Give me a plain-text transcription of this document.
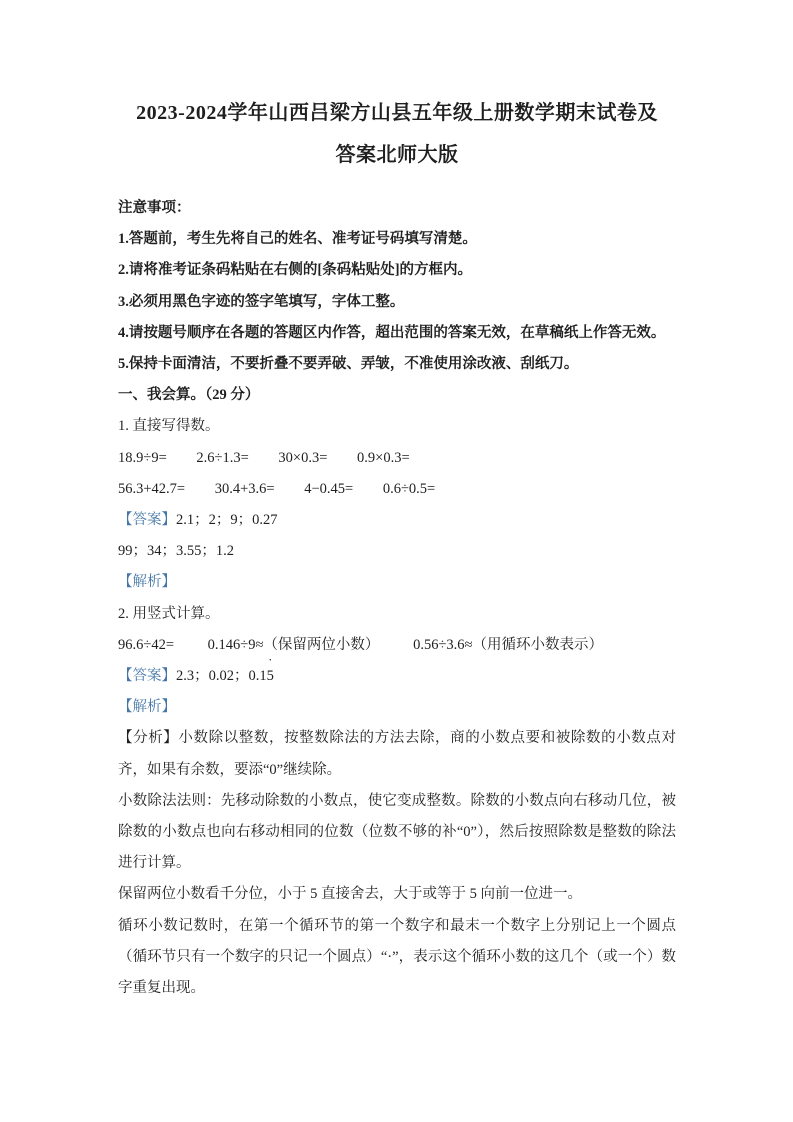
2023-2024学年山西吕梁方山县五年级上册数学期末试卷及
答案北师大版

注意事项：

1.答题前，考生先将自己的姓名、准考证号码填写清楚。

2.请将准考证条码粘贴在右侧的[条码粘贴处]的方框内。

3.必须用黑色字迹的签字笔填写，字体工整。

4.请按题号顺序在各题的答题区内作答，超出范围的答案无效，在草稿纸上作答无效。

5.保持卡面清洁，不要折叠不要弄破、弄皱，不准使用涂改液、刮纸刀。

一、我会算。（29 分）

1. 直接写得数。

18.9÷9= 2.6÷1.3= 30×0.3= 0.9×0.3=

56.3+42.7= 30.4+3.6= 4−0.45= 0.6÷0.5=

【答案】2.1；2；9；0.27

99；34；3.55；1.2

【解析】

2. 用竖式计算。

96.6÷42= 0.146÷9≈（保留两位小数） 0.56÷3.6≈（用循环小数表示）

【答案】2.3；0.02；0.15 ·

【解析】

【分析】小数除以整数，按整数除法的方法去除，商的小数点要和被除数的小数点对齐，如果有余数，要添“0”继续除。

小数除法法则：先移动除数的小数点，使它变成整数。除数的小数点向右移动几位，被除数的小数点也向右移动相同的位数（位数不够的补“0”），然后按照除数是整数的除法进行计算。

保留两位小数看千分位，小于 5 直接舍去，大于或等于 5 向前一位进一。

循环小数记数时，在第一个循环节的第一个数字和最末一个数字上分别记上一个圆点（循环节只有一个数字的只记一个圆点）“·”，表示这个循环小数的这几个（或一个）数字重复出现。
